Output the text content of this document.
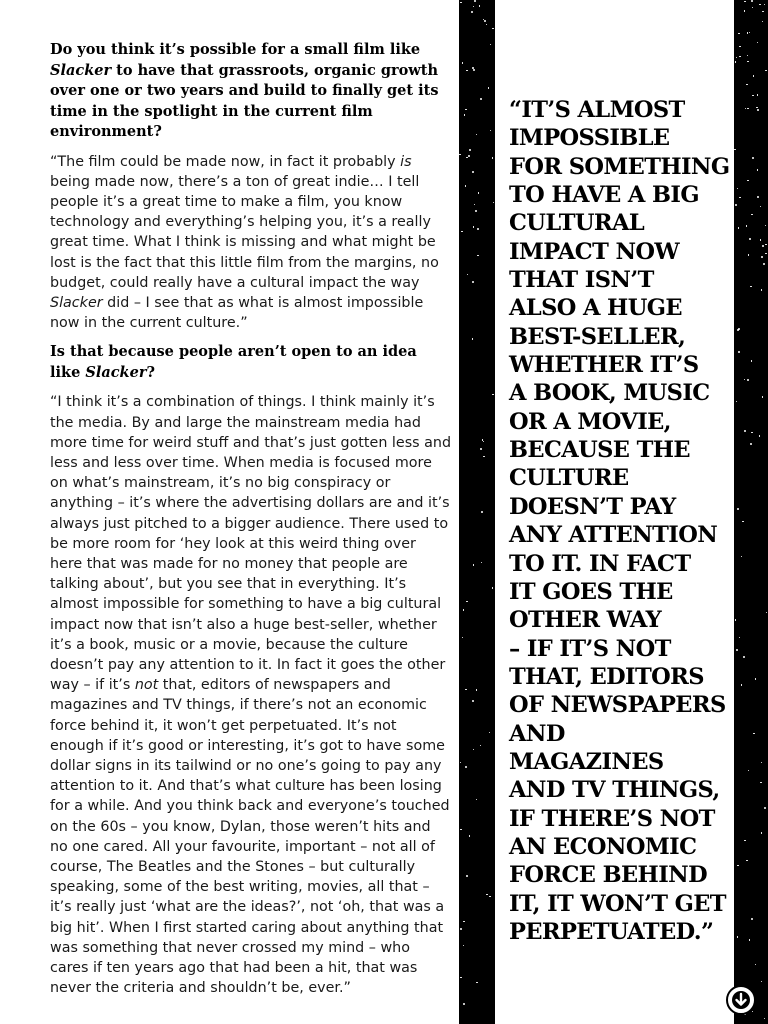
Do you think it’s possible for a small film like Slacker to have that grassroots, organic growth over one or two years and build to finally get its time in the spotlight in the current film environment?

“The film could be made now, in fact it probably is being made now, there’s a ton of great indie… I tell people it’s a great time to make a film, you know technology and everything’s helping you, it’s a really great time. What I think is missing and what might be lost is the fact that this little film from the margins, no budget, could really have a cultural impact the way Slacker did – I see that as what is almost impossible now in the current culture.”

Is that because people aren’t open to an idea like Slacker?

“I think it’s a combination of things. I think mainly it’s the media. By and large the mainstream media had more time for weird stuff and that’s just gotten less and less and less over time. When media is focused more on what’s mainstream, it’s no big conspiracy or anything – it’s where the advertising dollars are and it’s always just pitched to a bigger audience. There used to be more room for ‘hey look at this weird thing over here that was made for no money that people are talking about’, but you see that in everything. It’s almost impossible for something to have a big cultural impact now that isn’t also a huge best-seller, whether it’s a book, music or a movie, because the culture doesn’t pay any attention to it. In fact it goes the other way – if it’s not that, editors of newspapers and magazines and TV things, if there’s not an economic force behind it, it won’t get perpetuated. It’s not enough if it’s good or interesting, it’s got to have some dollar signs in its tailwind or no one’s going to pay any attention to it. And that’s what culture has been losing for a while. And you think back and everyone’s touched on the 60s – you know, Dylan, those weren’t hits and no one cared. All your favourite, important – not all of course, The Beatles and the Stones – but culturally speaking, some of the best writing, movies, all that – it’s really just ‘what are the ideas?’, not ‘oh, that was a big hit’. When I first started caring about anything that was something that never crossed my mind – who cares if ten years ago that had been a hit, that was never the criteria and shouldn’t be, ever.”

“IT’S ALMOST
IMPOSSIBLE
FOR SOMETHING
TO HAVE A BIG
CULTURAL
IMPACT NOW
THAT ISN’T
ALSO A HUGE
BEST-SELLER,
WHETHER IT’S
A BOOK, MUSIC
OR A MOVIE,
BECAUSE THE
CULTURE
DOESN’T PAY
ANY ATTENTION
TO IT. IN FACT
IT GOES THE
OTHER WAY
– IF IT’S NOT
THAT, EDITORS
OF NEWSPAPERS
AND
MAGAZINES
AND TV THINGS,
IF THERE’S NOT
AN ECONOMIC
FORCE BEHIND
IT, IT WON’T GET
PERPETUATED.”
